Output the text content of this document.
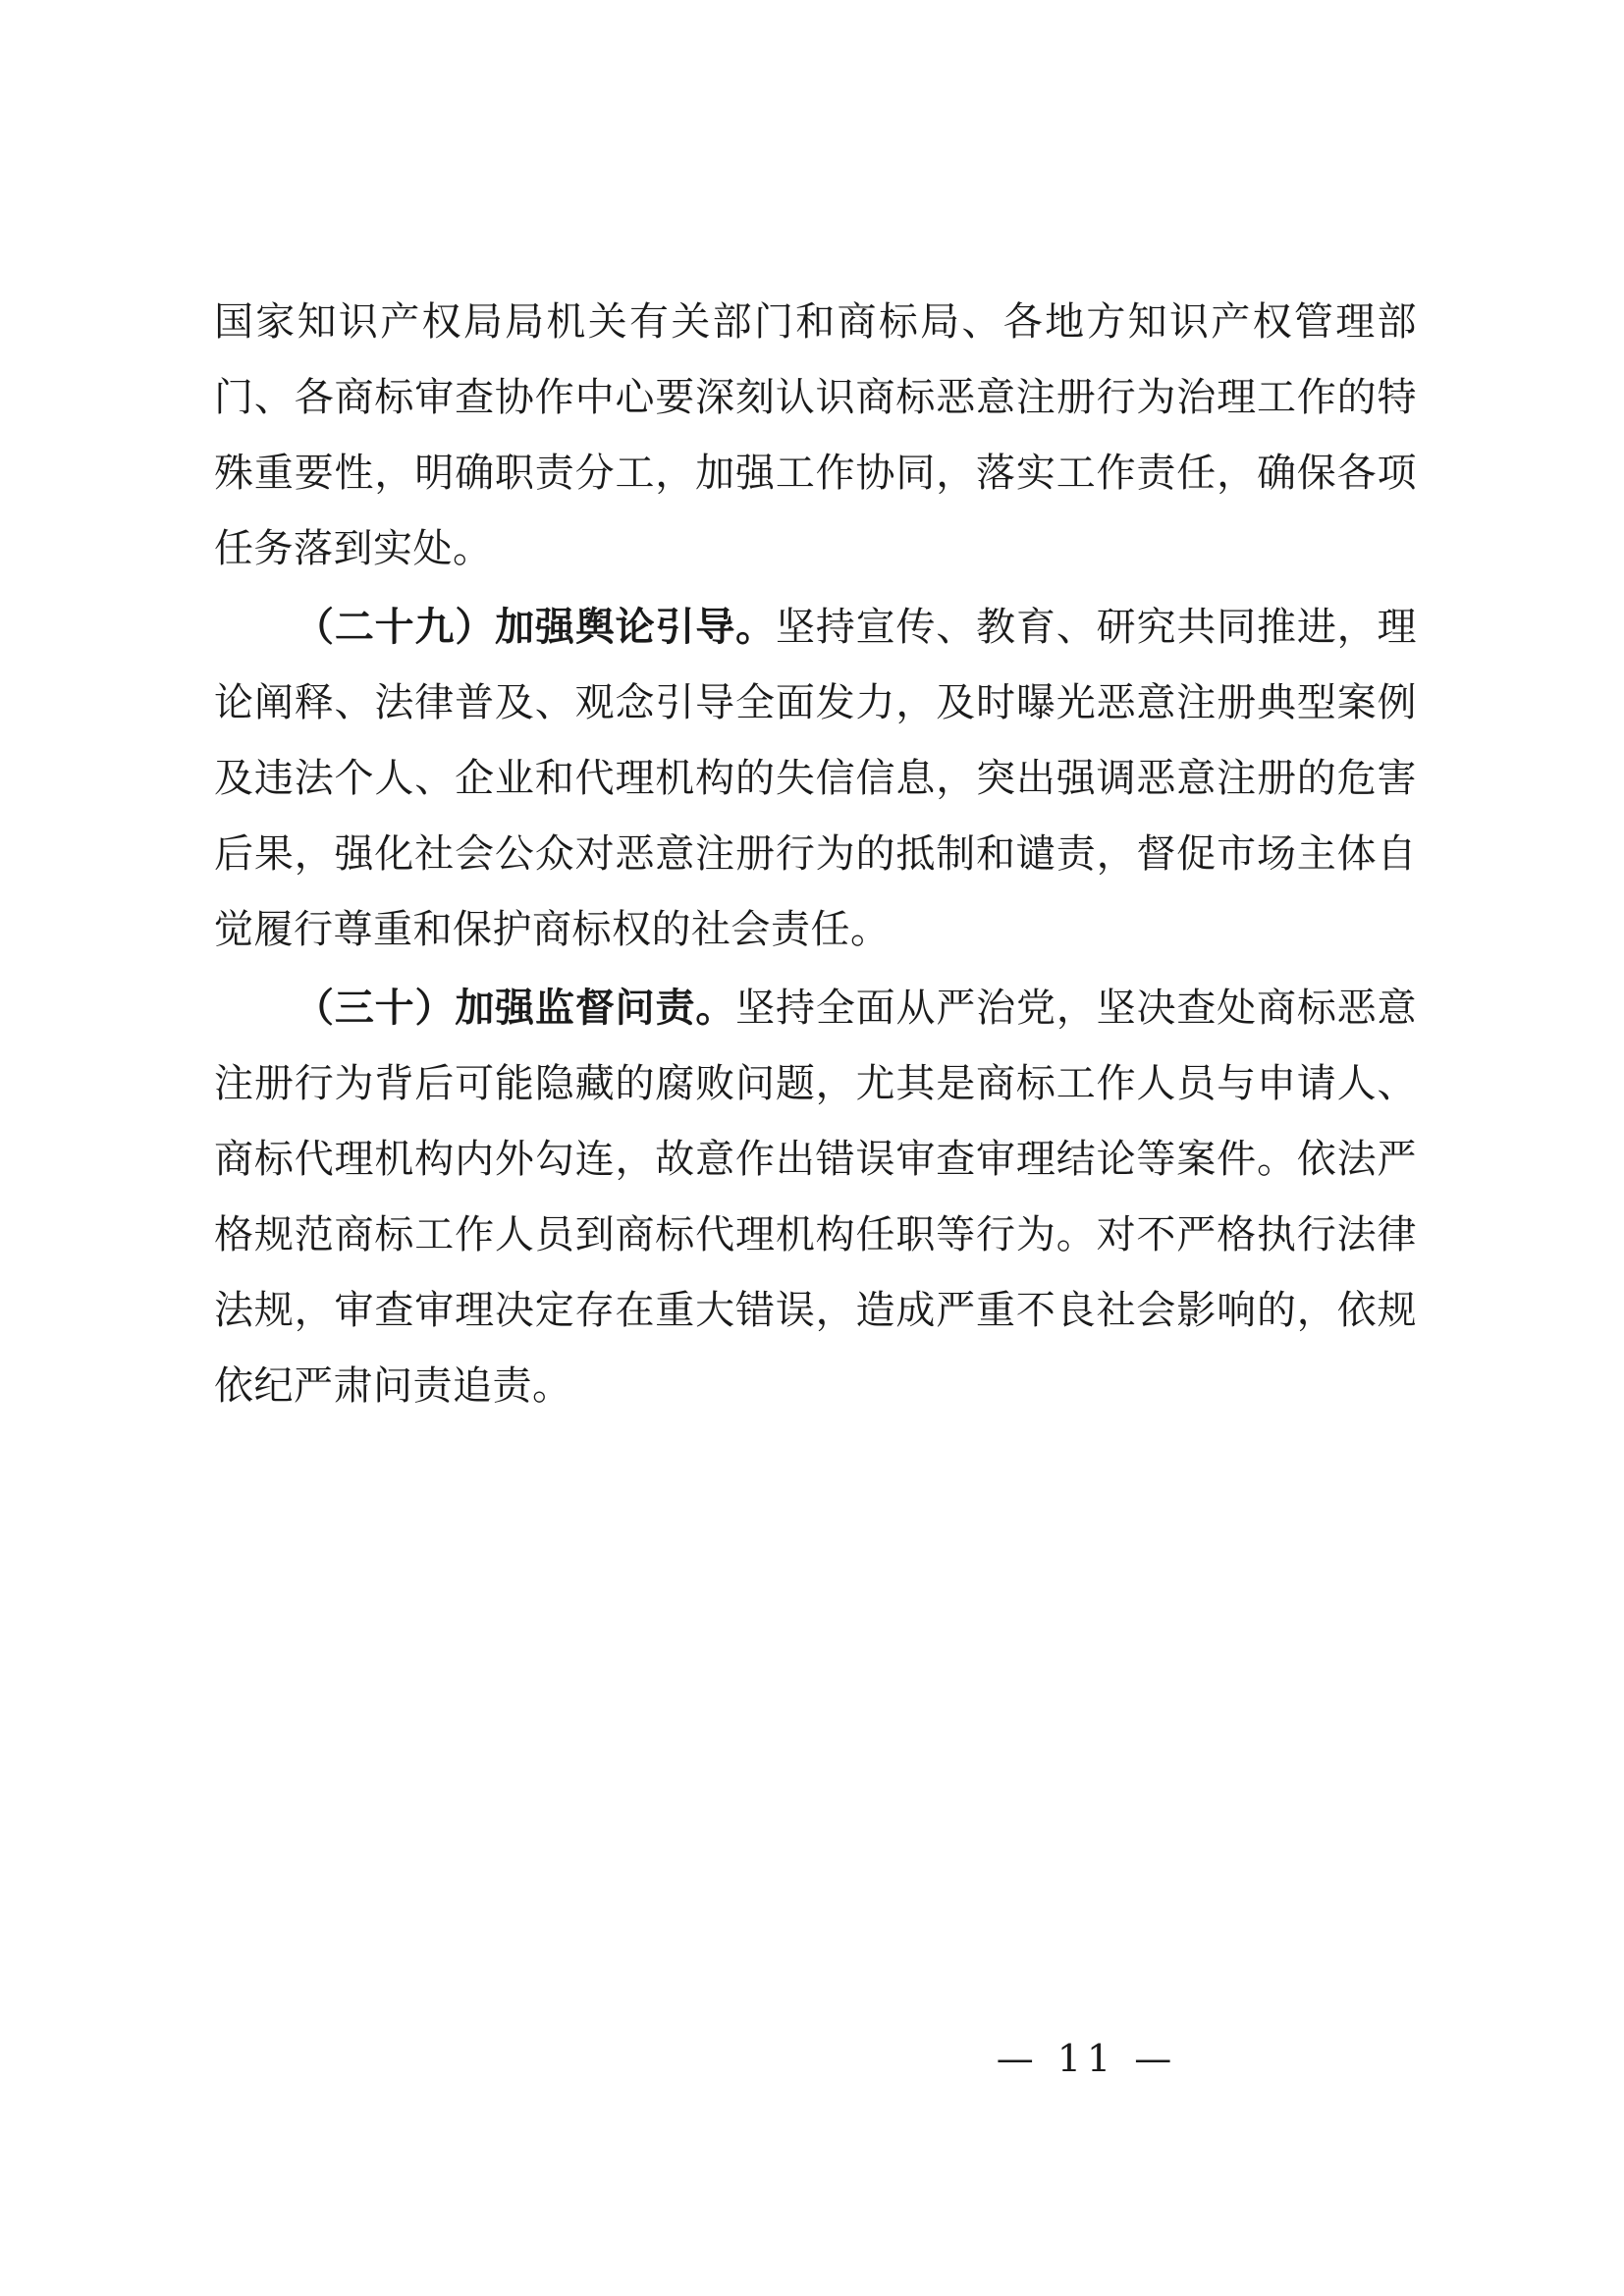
国家知识产权局局机关有关部门和商标局、各地方知识产权管理部门、各商标审查协作中心要深刻认识商标恶意注册行为治理工作的特殊重要性，明确职责分工，加强工作协同，落实工作责任，确保各项任务落到实处。

（二十九）加强舆论引导。坚持宣传、教育、研究共同推进，理论阐释、法律普及、观念引导全面发力，及时曝光恶意注册典型案例及违法个人、企业和代理机构的失信信息，突出强调恶意注册的危害后果，强化社会公众对恶意注册行为的抵制和谴责，督促市场主体自觉履行尊重和保护商标权的社会责任。

（三十）加强监督问责。坚持全面从严治党，坚决查处商标恶意注册行为背后可能隐藏的腐败问题，尤其是商标工作人员与申请人、商标代理机构内外勾连，故意作出错误审查审理结论等案件。依法严格规范商标工作人员到商标代理机构任职等行为。对不严格执行法律法规，审查审理决定存在重大错误，造成严重不良社会影响的，依规依纪严肃问责追责。

— 11 —
